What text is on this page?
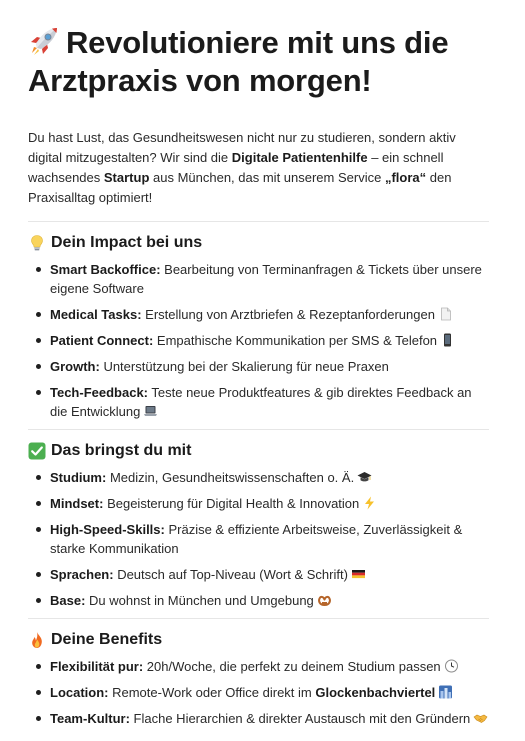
Revolutioniere mit uns die Arztpraxis von morgen!

Du hast Lust, das Gesundheitswesen nicht nur zu studieren, sondern aktiv digital mitzugestalten? Wir sind die Digitale Patientenhilfe – ein schnell wachsendes Startup aus München, das mit unserem Service „flora“ den Praxisalltag optimiert!

Dein Impact bei uns
Smart Backoffice: Bearbeitung von Terminanfragen & Tickets über unsere eigene Software
Medical Tasks: Erstellung von Arztbriefen & Rezeptanforderungen
Patient Connect: Empathische Kommunikation per SMS & Telefon
Growth: Unterstützung bei der Skalierung für neue Praxen
Tech-Feedback: Teste neue Produktfeatures & gib direktes Feedback an die Entwicklung
Das bringst du mit
Studium: Medizin, Gesundheitswissenschaften o. Ä.
Mindset: Begeisterung für Digital Health & Innovation
High-Speed-Skills: Präzise & effiziente Arbeitsweise, Zuverlässigkeit & starke Kommunikation
Sprachen: Deutsch auf Top-Niveau (Wort & Schrift)
Base: Du wohnst in München und Umgebung
Deine Benefits
Flexibilität pur: 20h/Woche, die perfekt zu deinem Studium passen
Location: Remote-Work oder Office direkt im Glockenbachviertel
Team-Kultur: Flache Hierarchien & direkter Austausch mit den Gründern
